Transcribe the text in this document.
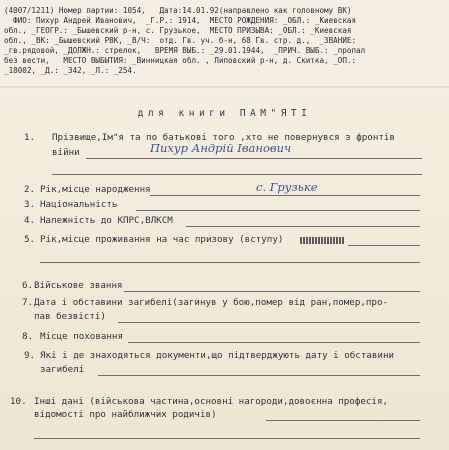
(4007/1211) Номер партии: 1054,   Дата:14.01.92(направлено как головному ВК)
ФИО: Пихур Андрей Иванович,  _Г.Р.: 1914,  МЕСТО РОЖДЕНИЯ: _ОБЛ.: _Киевская
обл., _ГЕОГР.: _Бышевский р-н, с. Грузькое,  МЕСТО ПРИЗЫВА: _ОБЛ.: _Киевская
обл., _ВК: _Бышевский РВК, _В/Ч:  отд. Гв. уч. б-н, 68 Гв. стр. д.,  _ЗВАНИЕ:
_гв.рядовой, _ДОЛЖН.: стрелок,   ВРЕМЯ ВЫБ.: _29.01.1944,  _ПРИЧ. ВЫБ.: _пропал
без вести,   МЕСТО ВЫБЫТИЯ: _Винницкая обл. , Липовский р-н, д. Скитка, _ОП.:
_18002, _Д.: _342, _Л.: _254.
для книги ПАМ"ЯТІ
1. Прізвище,Ім"я та по батькові того ,хто не повернувся з фронтів
війни	Пихур Андрій Іванович
2. Рік,місце народження	с. Грузьке
3. Національність
4. Належність до КПРС,ВЛКСМ
5. Рік,місце проживання на час призову (вступу)
6. Військове звання
7. Дата і обставини загибелі(загинув у бою,помер від ран,помер,про-
пав безвісті)
8. Місце поховання
9. Які і де знаходяться документи,що підтверджують дату і обставини
загибелі
10. Інші дані (військова частина,основні нагороди,довоєнна професія,
відомості про найближчих родичів)
